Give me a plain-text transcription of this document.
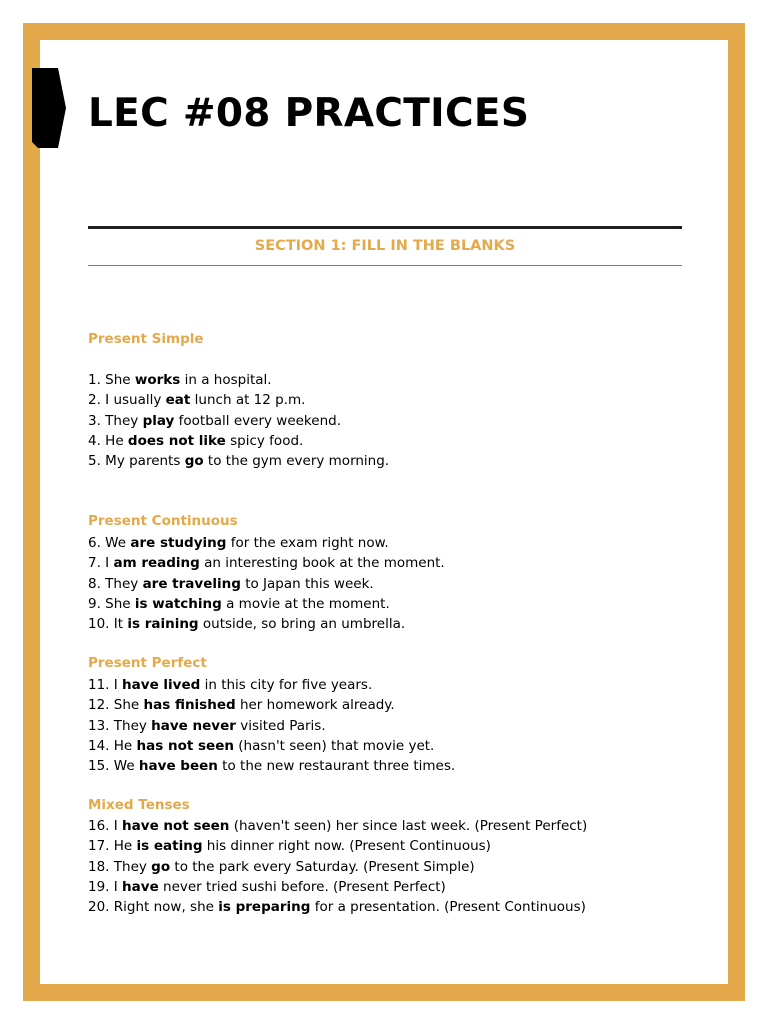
LEC #08 PRACTICES
SECTION 1: FILL IN THE BLANKS
Present Simple
1. She works in a hospital.
2. I usually eat lunch at 12 p.m.
3. They play football every weekend.
4. He does not like spicy food.
5. My parents go to the gym every morning.
Present Continuous
6. We are studying for the exam right now.
7. I am reading an interesting book at the moment.
8. They are traveling to Japan this week.
9. She is watching a movie at the moment.
10. It is raining outside, so bring an umbrella.
Present Perfect
11. I have lived in this city for five years.
12. She has finished her homework already.
13. They have never visited Paris.
14. He has not seen (hasn't seen) that movie yet.
15. We have been to the new restaurant three times.
Mixed Tenses
16. I have not seen (haven't seen) her since last week. (Present Perfect)
17. He is eating his dinner right now. (Present Continuous)
18. They go to the park every Saturday. (Present Simple)
19. I have never tried sushi before. (Present Perfect)
20. Right now, she is preparing for a presentation. (Present Continuous)
